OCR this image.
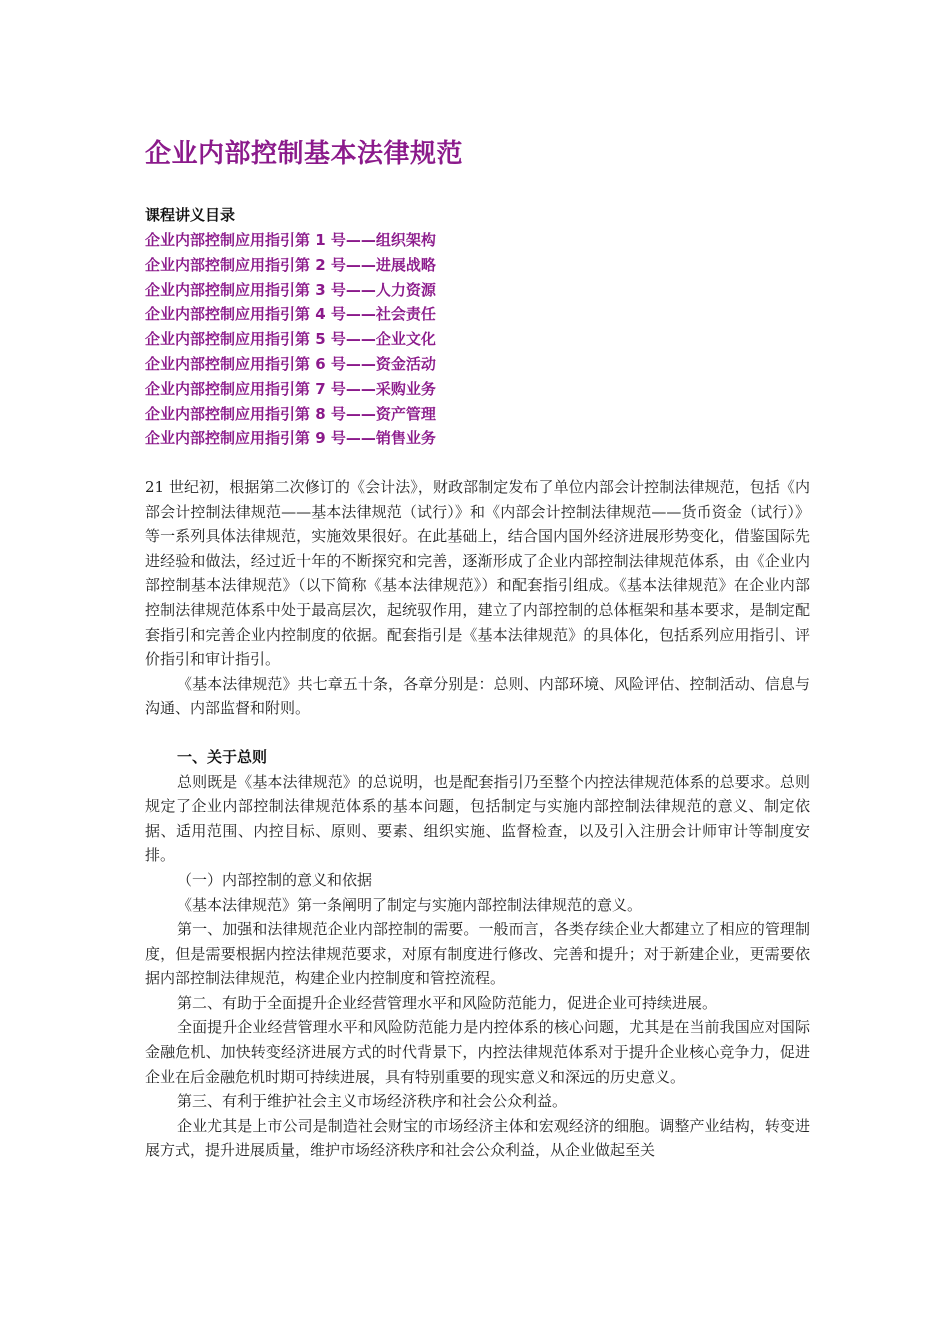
企业内部控制基本法律规范
课程讲义目录
企业内部控制应用指引第 1 号——组织架构
企业内部控制应用指引第 2 号——进展战略
企业内部控制应用指引第 3 号——人力资源
企业内部控制应用指引第 4 号——社会责任
企业内部控制应用指引第 5 号——企业文化
企业内部控制应用指引第 6 号——资金活动
企业内部控制应用指引第 7 号——采购业务
企业内部控制应用指引第 8 号——资产管理
企业内部控制应用指引第 9 号——销售业务

21 世纪初，根据第二次修订的《会计法》，财政部制定发布了单位内部会计控制法律规范，包括《内部会计控制法律规范——基本法律规范（试行）》和《内部会计控制法律规范——货币资金（试行）》等一系列具体法律规范，实施效果很好。在此基础上，结合国内国外经济进展形势变化，借鉴国际先进经验和做法，经过近十年的不断探究和完善，逐渐形成了企业内部控制法律规范体系，由《企业内部控制基本法律规范》（以下简称《基本法律规范》）和配套指引组成。《基本法律规范》在企业内部控制法律规范体系中处于最高层次，起统驭作用，建立了内部控制的总体框架和基本要求，是制定配套指引和完善企业内控制度的依据。配套指引是《基本法律规范》的具体化，包括系列应用指引、评价指引和审计指引。

《基本法律规范》共七章五十条，各章分别是：总则、内部环境、风险评估、控制活动、信息与沟通、内部监督和附则。

一、关于总则

总则既是《基本法律规范》的总说明，也是配套指引乃至整个内控法律规范体系的总要求。总则规定了企业内部控制法律规范体系的基本问题，包括制定与实施内部控制法律规范的意义、制定依据、适用范围、内控目标、原则、要素、组织实施、监督检查，以及引入注册会计师审计等制度安排。

（一）内部控制的意义和依据

《基本法律规范》第一条阐明了制定与实施内部控制法律规范的意义。

第一、加强和法律规范企业内部控制的需要。一般而言，各类存续企业大都建立了相应的管理制度，但是需要根据内控法律规范要求，对原有制度进行修改、完善和提升；对于新建企业，更需要依据内部控制法律规范，构建企业内控制度和管控流程。

第二、有助于全面提升企业经营管理水平和风险防范能力，促进企业可持续进展。

全面提升企业经营管理水平和风险防范能力是内控体系的核心问题，尤其是在当前我国应对国际金融危机、加快转变经济进展方式的时代背景下，内控法律规范体系对于提升企业核心竞争力，促进企业在后金融危机时期可持续进展，具有特别重要的现实意义和深远的历史意义。

第三、有利于维护社会主义市场经济秩序和社会公众利益。

企业尤其是上市公司是制造社会财宝的市场经济主体和宏观经济的细胞。调整产业结构，转变进展方式，提升进展质量，维护市场经济秩序和社会公众利益，从企业做起至关
